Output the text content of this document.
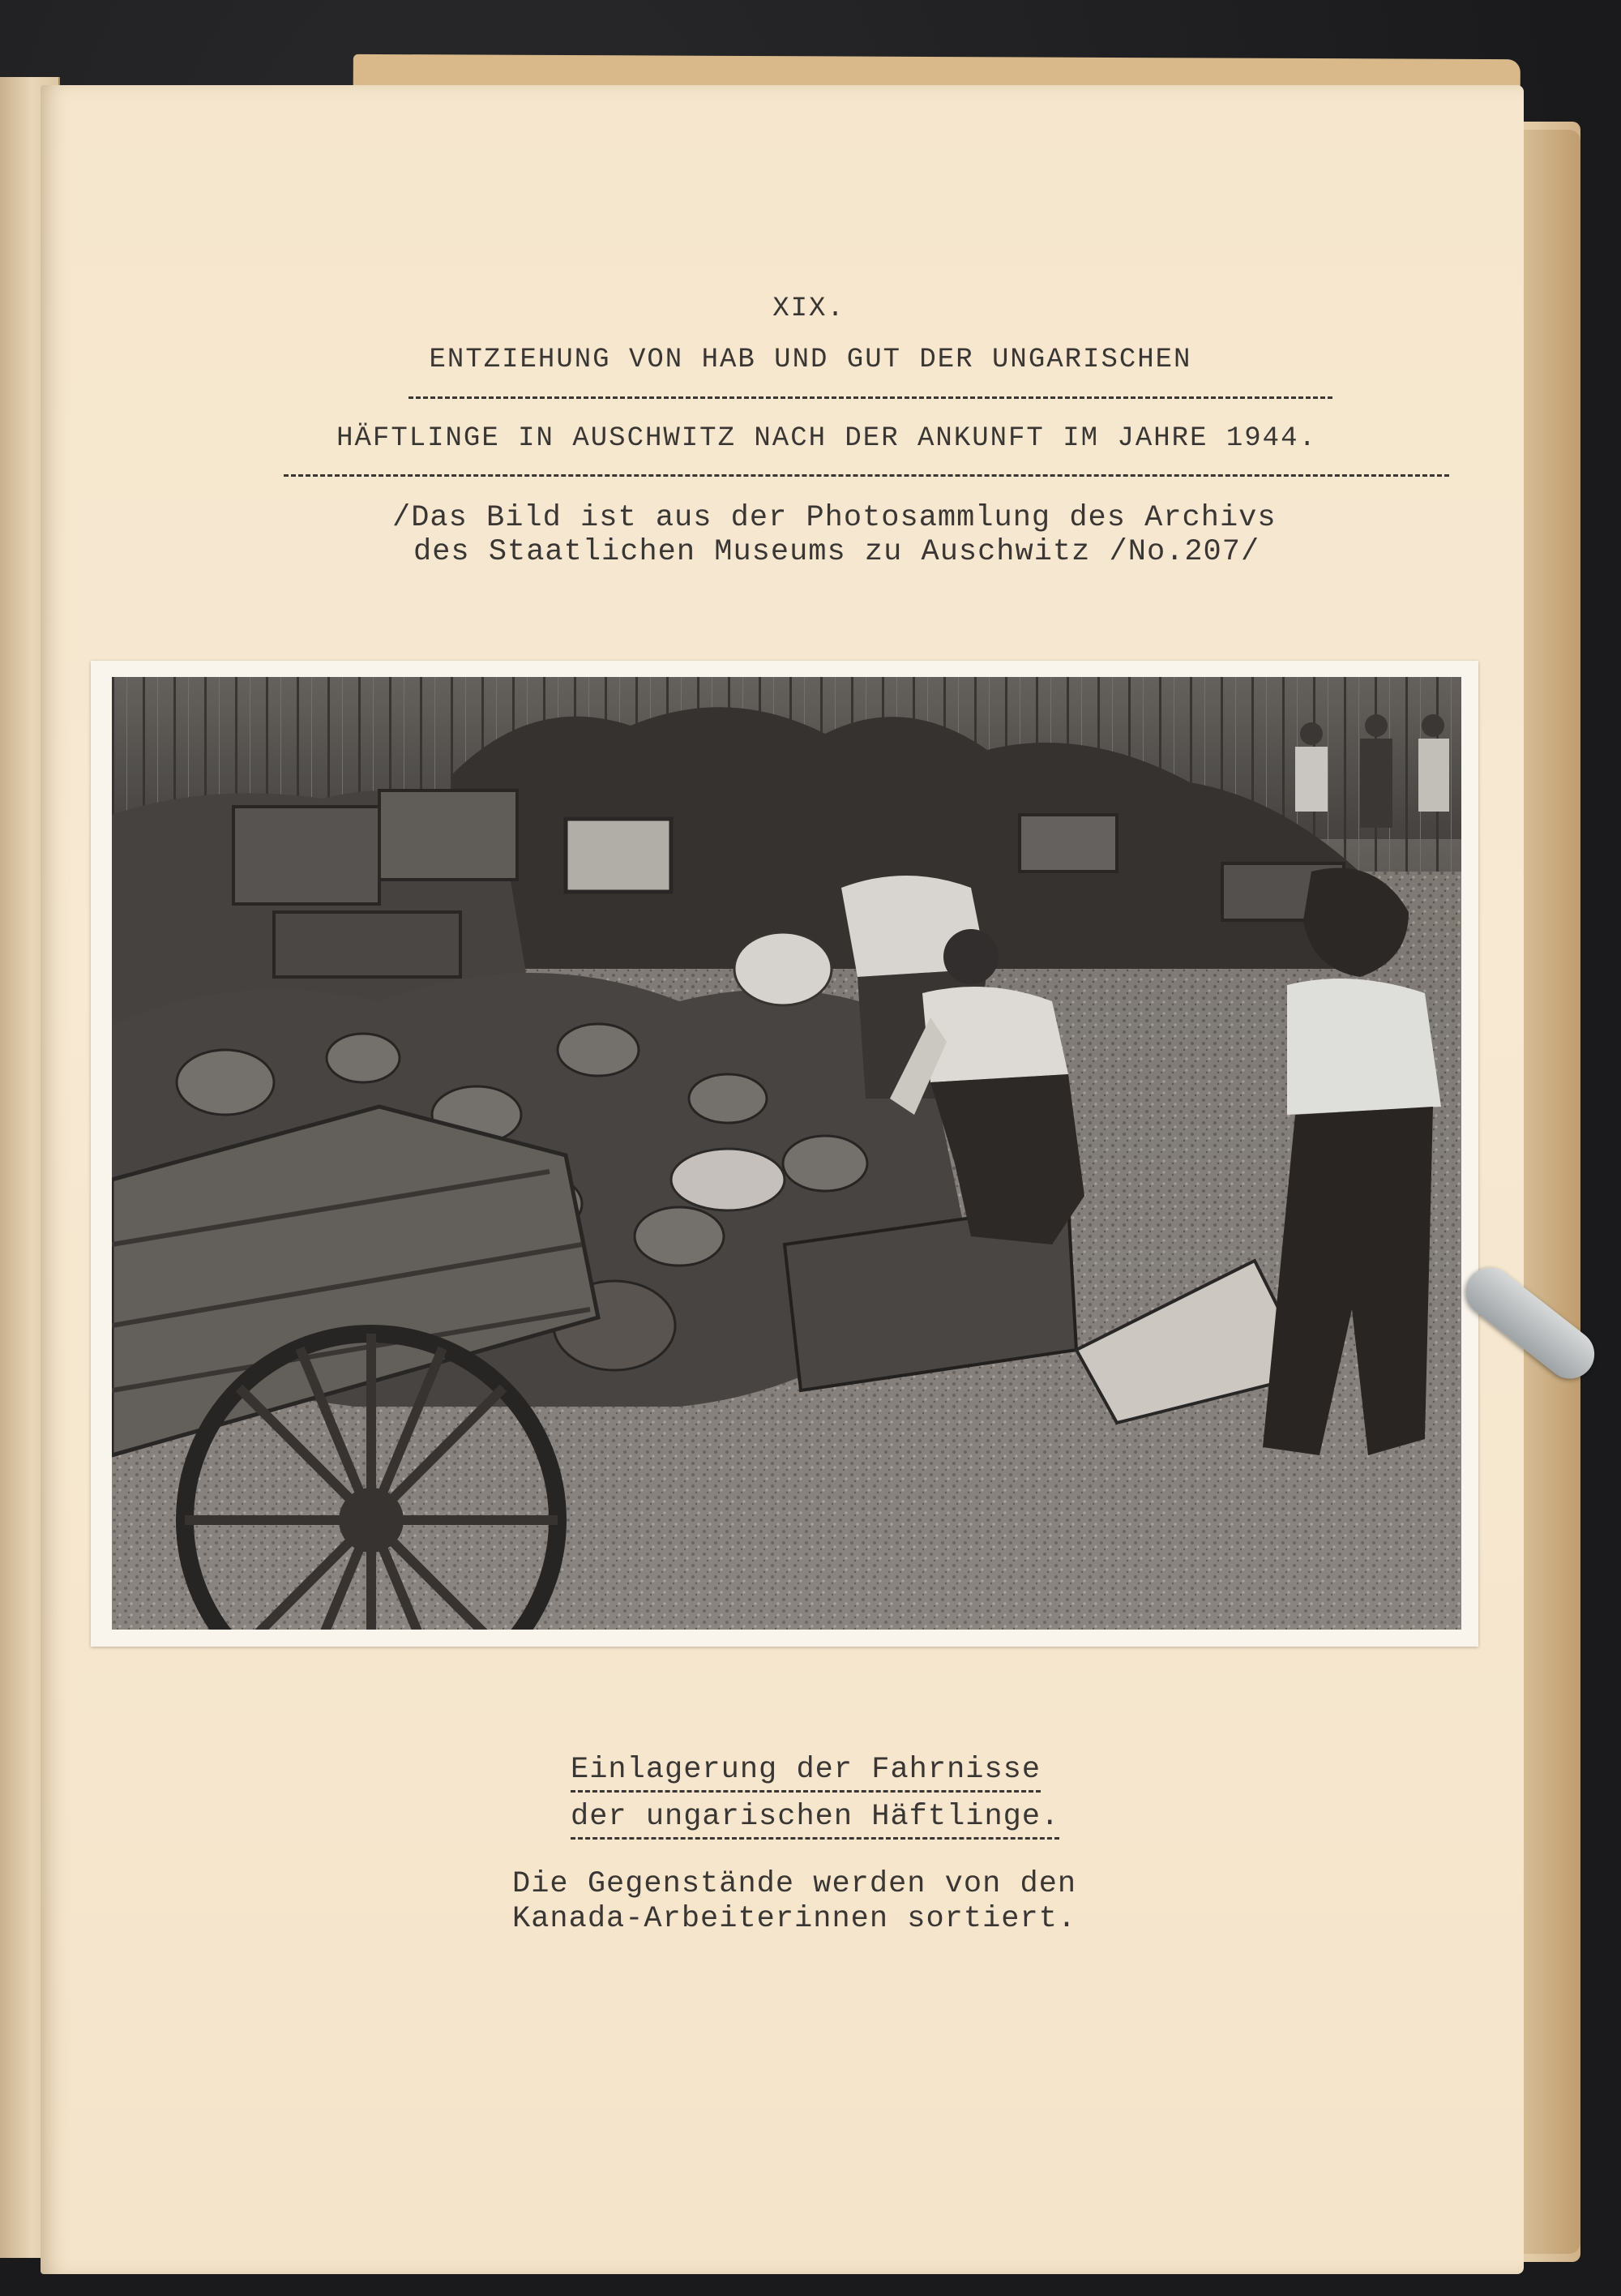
XIX.
ENTZIEHUNG VON HAB UND GUT DER UNGARISCHEN
HÄFTLINGE IN AUSCHWITZ NACH DER ANKUNFT IM JAHRE 1944.
/Das Bild ist aus der Photosammlung des Archivs
des Staatlichen Museums zu Auschwitz /No.207/
Einlagerung der Fahrnisse
der ungarischen Häftlinge.
Die Gegenstände werden von den
Kanada-Arbeiterinnen sortiert.
